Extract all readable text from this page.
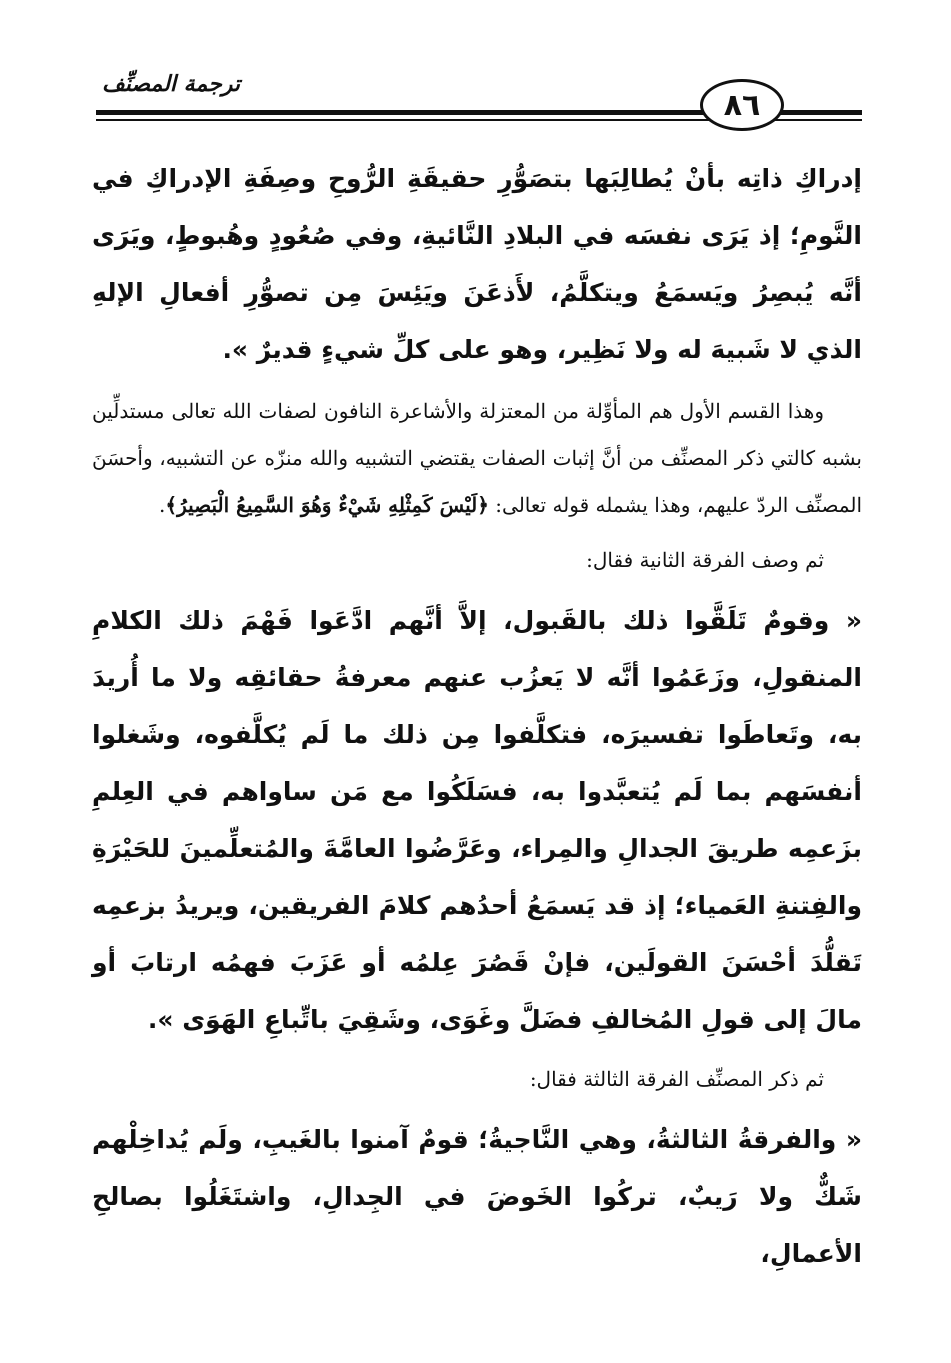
ترجمة المصنِّف
٨٦

إدراكِ ذاتِه بأنْ يُطالِبَها بتصَوُّرِ حقيقَةِ الرُّوحِ وصِفَةِ الإدراكِ في النَّومِ؛ إذ يَرَى نفسَه في البلادِ النَّائيةِ، وفي صُعُودٍ وهُبوطٍ، ويَرَى أنَّه يُبصِرُ ويَسمَعُ ويتكلَّمُ، لأَذعَنَ ويَئِسَ مِن تصوُّرِ أفعالِ الإلهِ الذي لا شَبيهَ له ولا نَظِير، وهو على كلِّ شيءٍ قديرٌ ».

وهذا القسم الأول هم المأوِّلة من المعتزلة والأشاعرة النافون لصفات الله تعالى مستدلِّين بشبه كالتي ذكر المصنِّف من أنَّ إثبات الصفات يقتضي التشبيه والله منزّه عن التشبيه، وأحسَنَ المصنِّف الردّ عليهم، وهذا يشمله قوله تعالى: ﴿لَيْسَ كَمِثْلِهِ شَيْءٌ وَهُوَ السَّمِيعُ الْبَصِيرُ﴾.

ثم وصف الفرقة الثانية فقال:

« وقومٌ تَلَقَّوا ذلك بالقَبول، إلاَّ أنَّهم ادَّعَوا فَهْمَ ذلك الكلامِ المنقولِ، وزَعَمُوا أنَّه لا يَعزُب عنهم معرفةُ حقائقِه ولا ما أُريدَ به، وتَعاطَوا تفسيرَه، فتكلَّفوا مِن ذلك ما لَم يُكلَّفوه، وشَغلوا أنفسَهم بما لَم يُتعبَّدوا به، فسَلَكُوا مع مَن ساواهم في العِلمِ بزَعمِه طريقَ الجدالِ والمِراء، وعَرَّضُوا العامَّةَ والمُتعلِّمينَ للحَيْرَةِ والفِتنةِ العَمياء؛ إذ قد يَسمَعُ أحدُهم كلامَ الفريقين، ويريدُ بزعمِه تَقلُّدَ أحْسَنَ القولَين، فإنْ قَصُرَ عِلمُه أو عَزَبَ فهمُه ارتابَ أو مالَ إلى قولِ المُخالفِ فضَلَّ وغَوَى، وشَقِيَ باتِّباعِ الهَوَى ».

ثم ذكر المصنِّف الفرقة الثالثة فقال:

« والفرقةُ الثالثةُ، وهي النَّاجيةُ؛ قومٌ آمنوا بالغَيبِ، ولَم يُداخِلْهم شَكٌّ ولا رَيبٌ، تركُوا الخَوضَ في الجِدالِ، واشتَغَلُوا بصالحِ الأعمالِ،
